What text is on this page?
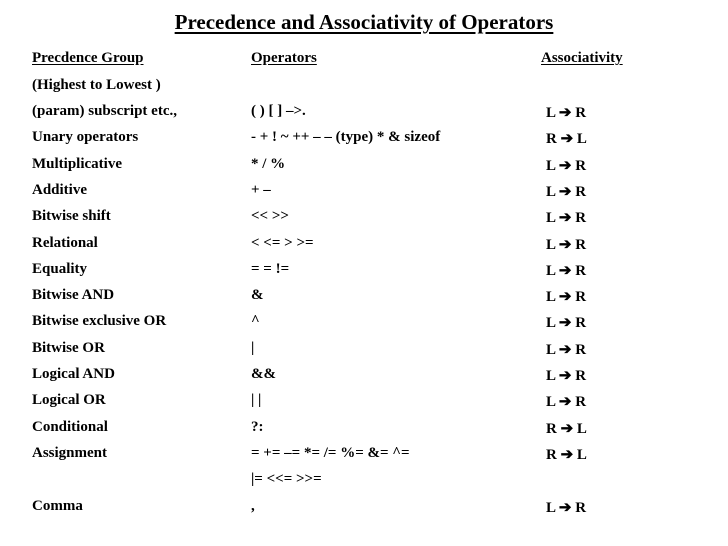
Precedence and Associativity of Operators
Precdence Group	Operators	Associativity
(Highest to Lowest )
(param) subscript etc.,	( ) [ ] –>.	L ➔ R
Unary operators	- + ! ~ ++ – – (type) * & sizeof	R ➔ L
Multiplicative	* / %	L ➔ R
Additive	+ –	L ➔ R
Bitwise shift	<< >>	L ➔ R
Relational	< <= > >=	L ➔ R
Equality	= = !=	L ➔ R
Bitwise AND	&	L ➔ R
Bitwise exclusive OR	^	L ➔ R
Bitwise OR	|	L ➔ R
Logical AND	&&	L ➔ R
Logical OR	| |	L ➔ R
Conditional	?:	R ➔ L
Assignment	= += –= *= /= %= &= ^=	R ➔ L
|= <<= >>=
Comma	,	L ➔ R
